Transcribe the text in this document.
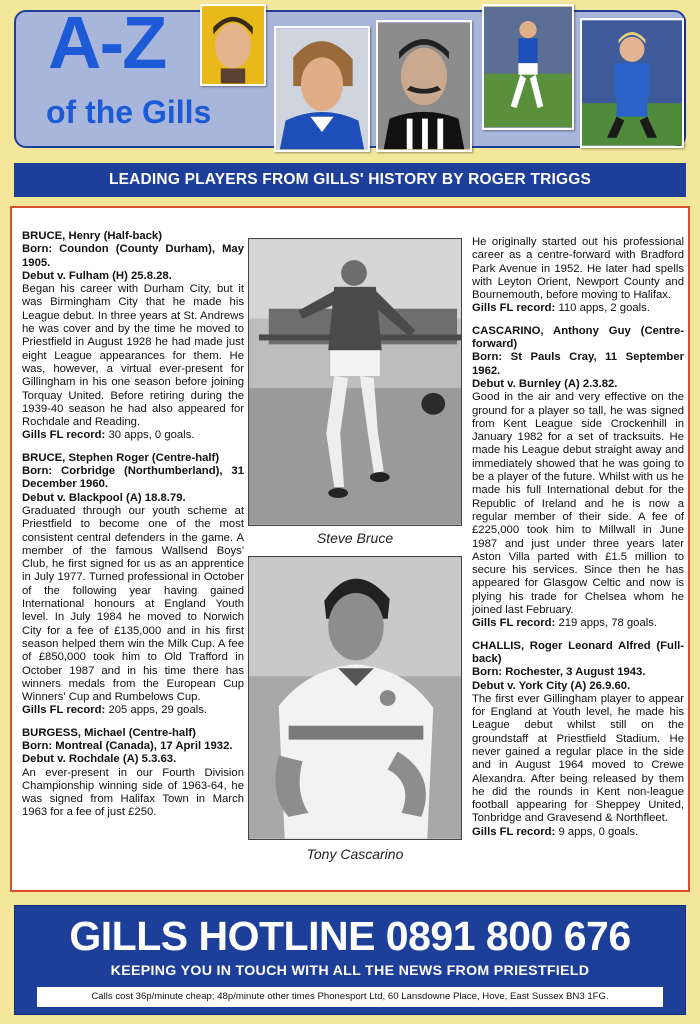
A-Z
of the Gills
LEADING PLAYERS FROM GILLS' HISTORY BY ROGER TRIGGS

BRUCE, Henry (Half-back)

Born: Coundon (County Durham), May 1905.

Debut v. Fulham (H) 25.8.28.

Began his career with Durham City, but it was Birmingham City that he made his League debut. In three years at St. Andrews he was cover and by the time he moved to Priestfield in August 1928 he had made just eight League appearances for them. He was, however, a virtual ever-present for Gillingham in his one season before joining Torquay United. Before retiring during the 1939-40 season he had also appeared for Rochdale and Reading.

Gills FL record: 30 apps, 0 goals.

BRUCE, Stephen Roger (Centre-half)

Born: Corbridge (Northumberland), 31 December 1960.

Debut v. Blackpool (A) 18.8.79.

Graduated through our youth scheme at Priestfield to become one of the most consistent central defenders in the game. A member of the famous Wallsend Boys' Club, he first signed for us as an apprentice in July 1977. Turned professional in October of the following year having gained International honours at England Youth level. In July 1984 he moved to Norwich City for a fee of £135,000 and in his first season helped them win the Milk Cup. A fee of £850,000 took him to Old Trafford in October 1987 and in his time there has winners medals from the European Cup Winners' Cup and Rumbelows Cup.

Gills FL record: 205 apps, 29 goals.

BURGESS, Michael (Centre-half)

Born: Montreal (Canada), 17 April 1932.

Debut v. Rochdale (A) 5.3.63.

An ever-present in our Fourth Division Championship winning side of 1963-64, he was signed from Halifax Town in March 1963 for a fee of just £250.

Steve Bruce
Tony Cascarino

He originally started out his professional career as a centre-forward with Bradford Park Avenue in 1952. He later had spells with Leyton Orient, Newport County and Bournemouth, before moving to Halifax.

Gills FL record: 110 apps, 2 goals.

CASCARINO, Anthony Guy (Centre-forward)

Born: St Pauls Cray, 11 September 1962.

Debut v. Burnley (A) 2.3.82.

Good in the air and very effective on the ground for a player so tall, he was signed from Kent League side Crockenhill in January 1982 for a set of tracksuits. He made his League debut straight away and immediately showed that he was going to be a player of the future. Whilst with us he made his full International debut for the Republic of Ireland and he is now a regular member of their side. A fee of £225,000 took him to Millwall in June 1987 and just under three years later Aston Villa parted with £1.5 million to secure his services. Since then he has appeared for Glasgow Celtic and now is plying his trade for Chelsea whom he joined last February.

Gills FL record: 219 apps, 78 goals.

CHALLIS, Roger Leonard Alfred (Full-back)

Born: Rochester, 3 August 1943.

Debut v. York City (A) 26.9.60.

The first ever Gillingham player to appear for England at Youth level, he made his League debut whilst still on the groundstaff at Priestfield Stadium. He never gained a regular place in the side and in August 1964 moved to Crewe Alexandra. After being released by them he did the rounds in Kent non-league football appearing for Sheppey United, Tonbridge and Gravesend & Northfleet.

Gills FL record: 9 apps, 0 goals.

GILLS HOTLINE 0891 800 676
KEEPING YOU IN TOUCH WITH ALL THE NEWS FROM PRIESTFIELD
Calls cost 36p/minute cheap; 48p/minute other times Phonesport Ltd, 60 Lansdowne Place, Hove, East Sussex BN3 1FG.
